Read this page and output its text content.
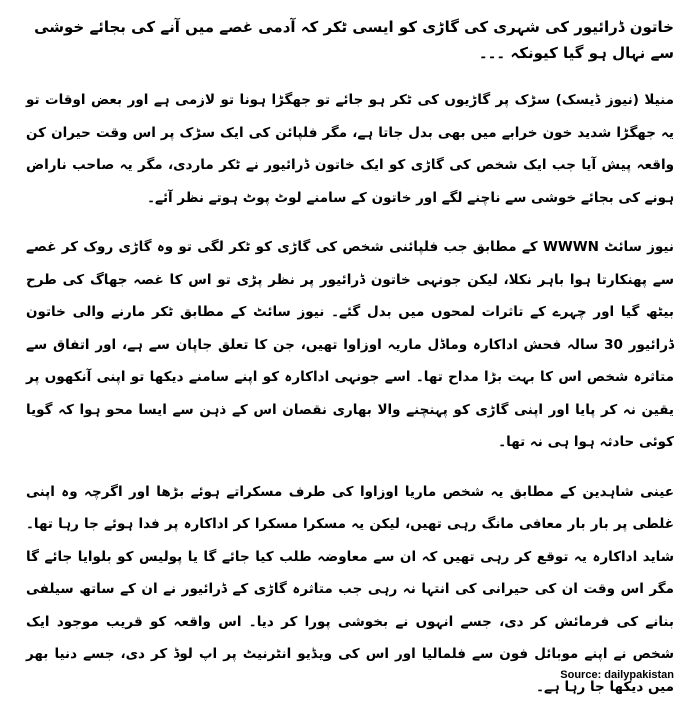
خاتون ڈرائیور کی شہری کی گاڑی کو ایسی ٹکر کہ آدمی غصے میں آنے کی بجائے خوشی سے نہال ہو گیا کیونکہ ۔۔۔

منیلا (نیوز ڈیسک) سڑک پر گاڑیوں کی ٹکر ہو جائے تو جھگڑا ہونا تو لازمی ہے اور بعض اوقات تو یہ جھگڑا شدید خون خرابے میں بھی بدل جاتا ہے، مگر فلپائن کی ایک سڑک پر اس وقت حیران کن واقعہ پیش آیا جب ایک شخص کی گاڑی کو ایک خاتون ڈرائیور نے ٹکر ماردی، مگر یہ صاحب ناراض ہونے کی بجائے خوشی سے ناچنے لگے اور خاتون کے سامنے لوٹ پوٹ ہوتے نظر آئے۔

نیوز سائٹ WWWN کے مطابق جب فلپائنی شخص کی گاڑی کو ٹکر لگی تو وہ گاڑی روک کر غصے سے پھنکارتا ہوا باہر نکلا، لیکن جونہی خاتون ڈرائیور پر نظر پڑی تو اس کا غصہ جھاگ کی طرح بیٹھ گیا اور چہرے کے تاثرات لمحوں میں بدل گئے۔ نیوز سائٹ کے مطابق ٹکر مارنے والی خاتون ڈرائیور 30 سالہ فحش اداکارہ وماڈل ماریہ اوزاوا تھیں، جن کا تعلق جاپان سے ہے، اور اتفاق سے متاثرہ شخص اس کا بہت بڑا مداح تھا۔ اسے جونہی اداکارہ کو اپنے سامنے دیکھا تو اپنی آنکھوں پر یقین نہ کر پایا اور اپنی گاڑی کو پہنچنے والا بھاری نقصان اس کے ذہن سے ایسا محو ہوا کہ گویا کوئی حادثہ ہوا ہی نہ تھا۔

عینی شاہدین کے مطابق یہ شخص ماریا اوزاوا کی طرف مسکراتے ہوئے بڑھا اور اگرچہ وہ اپنی غلطی پر بار بار معافی مانگ رہی تھیں، لیکن یہ مسکرا مسکرا کر اداکارہ پر فدا ہوئے جا رہا تھا۔ شاید اداکارہ یہ توقع کر رہی تھیں کہ ان سے معاوضہ طلب کیا جائے گا یا پولیس کو بلوایا جائے گا مگر اس وقت ان کی حیرانی کی انتہا نہ رہی جب متاثرہ گاڑی کے ڈرائیور نے ان کے ساتھ سیلفی بنانے کی فرمائش کر دی، جسے انہوں نے بخوشی پورا کر دیا۔ اس واقعہ کو قریب موجود ایک شخص نے اپنے موبائل فون سے فلمالیا اور اس کی ویڈیو انٹرنیٹ پر اپ لوڈ کر دی، جسے دنیا بھر میں دیکھا جا رہا ہے۔

Source: dailypakistan
